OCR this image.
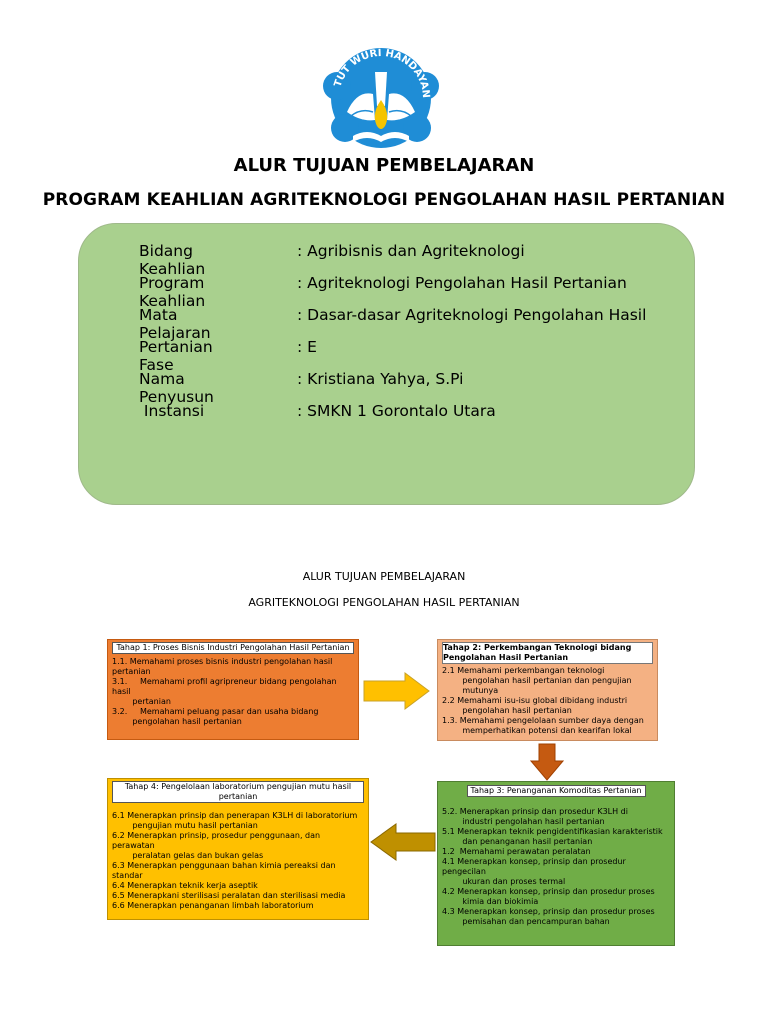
TUT WURI HANDAYAN
ALUR TUJUAN PEMBELAJARAN
PROGRAM KEAHLIAN AGRITEKNOLOGI PENGOLAHAN HASIL PERTANIAN
Bidang Keahlian
: Agribisnis dan Agriteknologi
Program Keahlian
: Agriteknologi Pengolahan Hasil Pertanian
Mata Pelajaran
: Dasar-dasar Agriteknologi Pengolahan Hasil
Pertanian Fase
: E
Nama Penyusun
: Kristiana Yahya, S.Pi
Instansi	: SMKN 1 Gorontalo Utara
ALUR TUJUAN PEMBELAJARAN
AGRITEKNOLOGI PENGOLAHAN HASIL PERTANIAN
Tahap 1: Proses Bisnis Industri Pengolahan Hasil Pertanian
1.1. Memahami proses bisnis industri pengolahan hasil pertanian
3.1.     Memahami profil agripreneur bidang pengolahan hasil
pertanian
3.2.     Memahami peluang pasar dan usaha bidang
pengolahan hasil pertanian
Tahap 2: Perkembangan Teknologi bidang Pengolahan Hasil Pertanian
2.1 Memahami perkembangan teknologi
pengolahan hasil pertanian dan pengujian
mutunya
2.2 Memahami isu-isu global dibidang industri
pengolahan hasil pertanian
1.3. Memahami pengelolaan sumber daya dengan
memperhatikan potensi dan kearifan lokal
Tahap 3: Penanganan Komoditas Pertanian
5.2. Menerapkan prinsip dan prosedur K3LH di
industri pengolahan hasil pertanian
5.1 Menerapkan teknik pengidentifikasian karakteristik
dan penanganan hasil pertanian
1.2  Memahami perawatan peralatan
4.1 Menerapkan konsep, prinsip dan prosedur pengecilan
ukuran dan proses termal
4.2 Menerapkan konsep, prinsip dan prosedur proses
kimia dan biokimia
4.3 Menerapkan konsep, prinsip dan prosedur proses
pemisahan dan pencampuran bahan
Tahap 4: Pengelolaan laboratorium pengujian mutu hasil pertanian
6.1 Menerapkan prinsip dan penerapan K3LH di laboratorium
pengujian mutu hasil pertanian
6.2 Menerapkan prinsip, prosedur penggunaan, dan perawatan
peralatan gelas dan bukan gelas
6.3 Menerapkan penggunaan bahan kimia pereaksi dan standar
6.4 Menerapkan teknik kerja aseptik
6.5 Menerapkani sterilisasi peralatan dan sterilisasi media
6.6 Menerapkan penanganan limbah laboratorium
